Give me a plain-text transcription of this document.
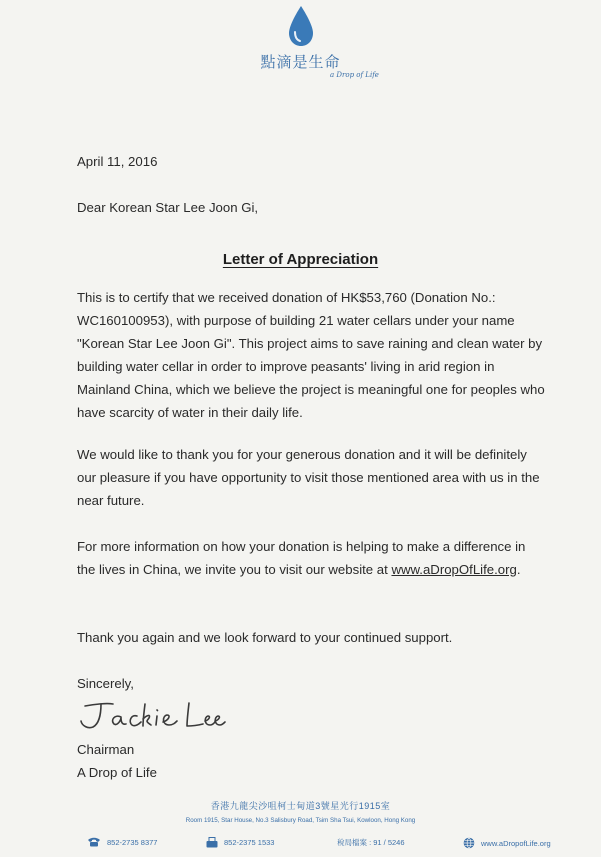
點滴是生命
a Drop of Life
April 11, 2016
Dear Korean Star Lee Joon Gi,
Letter of Appreciation
This is to certify that we received donation of HK$53,760 (Donation No.: WC160100953), with purpose of building 21 water cellars under your name "Korean Star Lee Joon Gi". This project aims to save raining and clean water by building water cellar in order to improve peasants' living in arid region in Mainland China, which we believe the project is meaningful one for peoples who have scarcity of water in their daily life.
We would like to thank you for your generous donation and it will be definitely our pleasure if you have opportunity to visit those mentioned area with us in the near future.
For more information on how your donation is helping to make a difference in the lives in China, we invite you to visit our website at www.aDropOfLife.org.
Thank you again and we look forward to your continued support.
Sincerely,
Chairman
A Drop of Life
香港九龍尖沙咀柯士甸道3號星光行1915室
Room 1915, Star House, No.3 Salisbury Road, Tsim Sha Tsui, Kowloon, Hong Kong
852-2735 8377	852-2375 1533	稅局檔案 : 91 / 5246	www.aDropofLife.org
